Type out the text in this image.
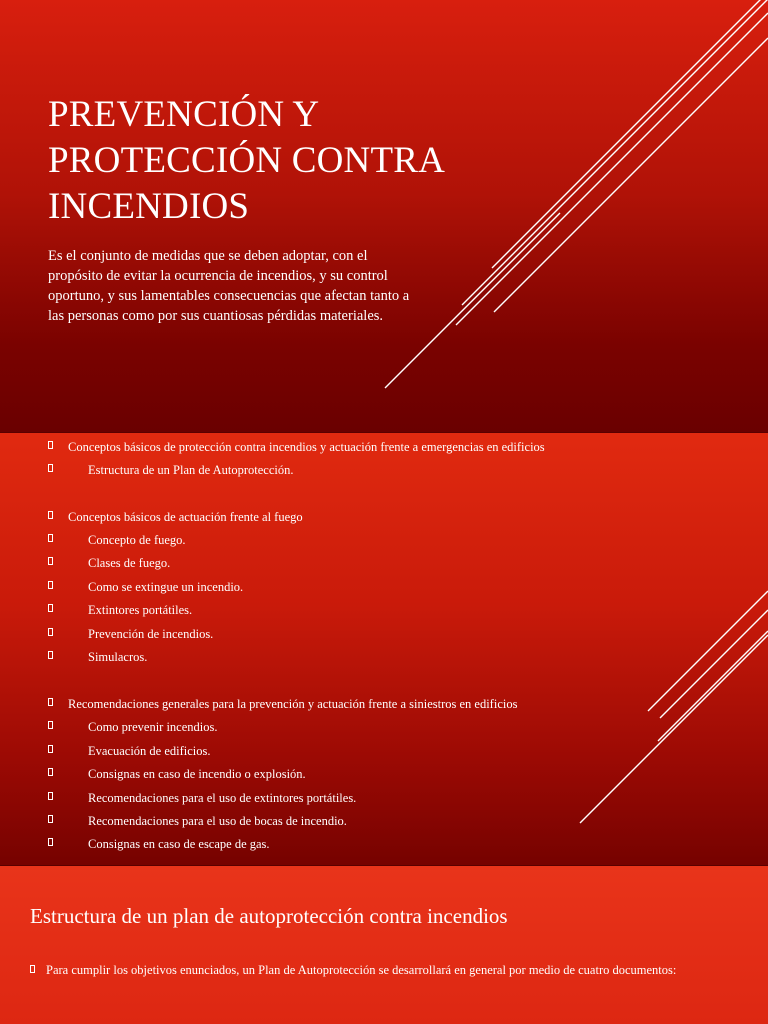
PREVENCIÓN Y PROTECCIÓN CONTRA INCENDIOS

Es el conjunto de medidas que se deben adoptar, con el propósito de evitar la ocurrencia de incendios, y su control oportuno, y sus lamentables consecuencias que afectan tanto a las personas como por sus cuantiosas pérdidas materiales.

Conceptos básicos de protección contra incendios y actuación frente a emergencias en edificios
Estructura de un Plan de Autoprotección.
Conceptos básicos de actuación frente al fuego
Concepto de fuego.
Clases de fuego.
Como se extingue un incendio.
Extintores portátiles.
Prevención de incendios.
Simulacros.
Recomendaciones generales para la prevención y actuación frente a siniestros en edificios
Como prevenir incendios.
Evacuación de edificios.
Consignas en caso de incendio o explosión.
Recomendaciones para el uso de extintores portátiles.
Recomendaciones para el uso de bocas de incendio.
Consignas en caso de escape de gas.
Estructura de un plan de autoprotección contra incendios

Para cumplir los objetivos enunciados, un Plan de Autoprotección se desarrollará en general por medio de cuatro documentos:
